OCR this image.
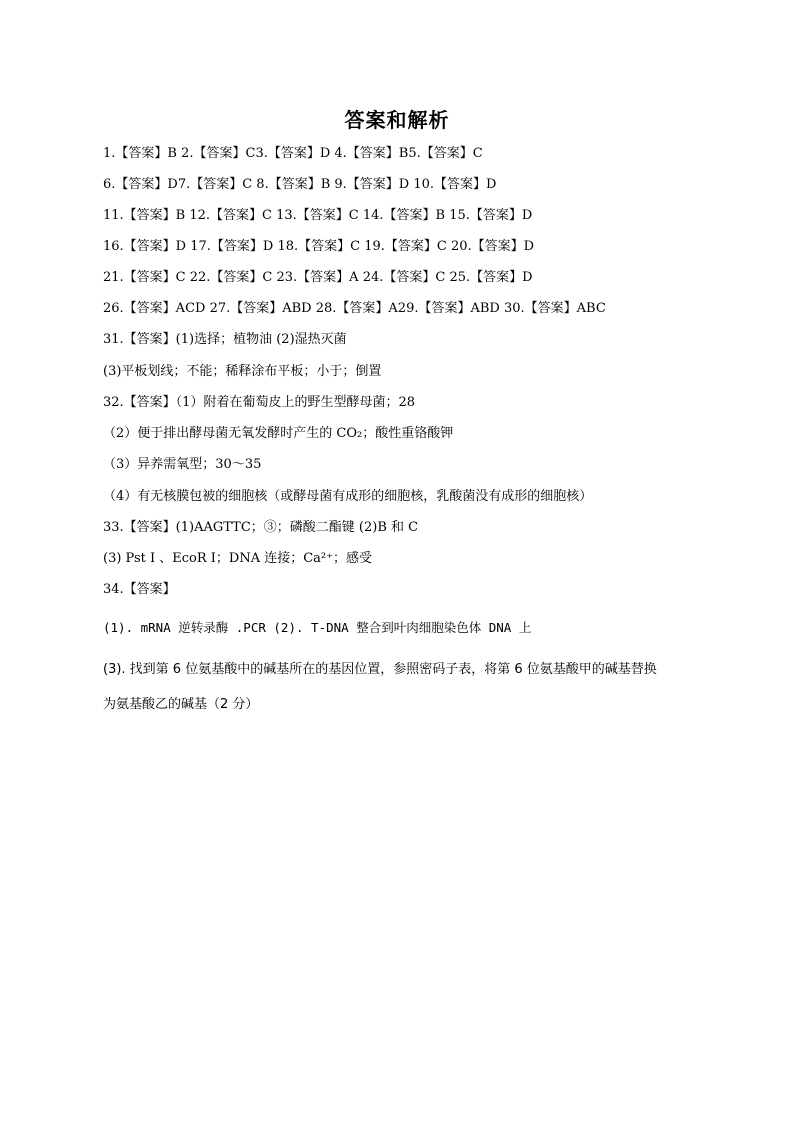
答案和解析
1.【答案】B 2.【答案】C3.【答案】D 4.【答案】B5.【答案】C
6.【答案】D7.【答案】C 8.【答案】B 9.【答案】D 10.【答案】D
11.【答案】B 12.【答案】C 13.【答案】C 14.【答案】B 15.【答案】D
16.【答案】D 17.【答案】D 18.【答案】C 19.【答案】C 20.【答案】D
21.【答案】C 22.【答案】C 23.【答案】A 24.【答案】C 25.【答案】D
26.【答案】ACD 27.【答案】ABD 28.【答案】A29.【答案】ABD 30.【答案】ABC
31.【答案】(1)选择；植物油 (2)湿热灭菌
(3)平板划线；不能；稀释涂布平板；小于；倒置
32.【答案】（1）附着在葡萄皮上的野生型酵母菌；28
（2）便于排出酵母菌无氧发酵时产生的 CO₂；酸性重铬酸钾
（3）异养需氧型；30～35
（4）有无核膜包被的细胞核（或酵母菌有成形的细胞核，乳酸菌没有成形的细胞核）
33.【答案】(1)AAGTTC；③；磷酸二酯键 (2)B 和 C
(3) Pst I 、EcoR I；DNA 连接；Ca²⁺；感受
34.【答案】
(1). mRNA 逆转录酶 .PCR (2). T-DNA 整合到叶肉细胞染色体 DNA 上
(3). 找到第 6 位氨基酸中的碱基所在的基因位置，参照密码子表，将第 6 位氨基酸甲的碱基替换
为氨基酸乙的碱基（2 分）
